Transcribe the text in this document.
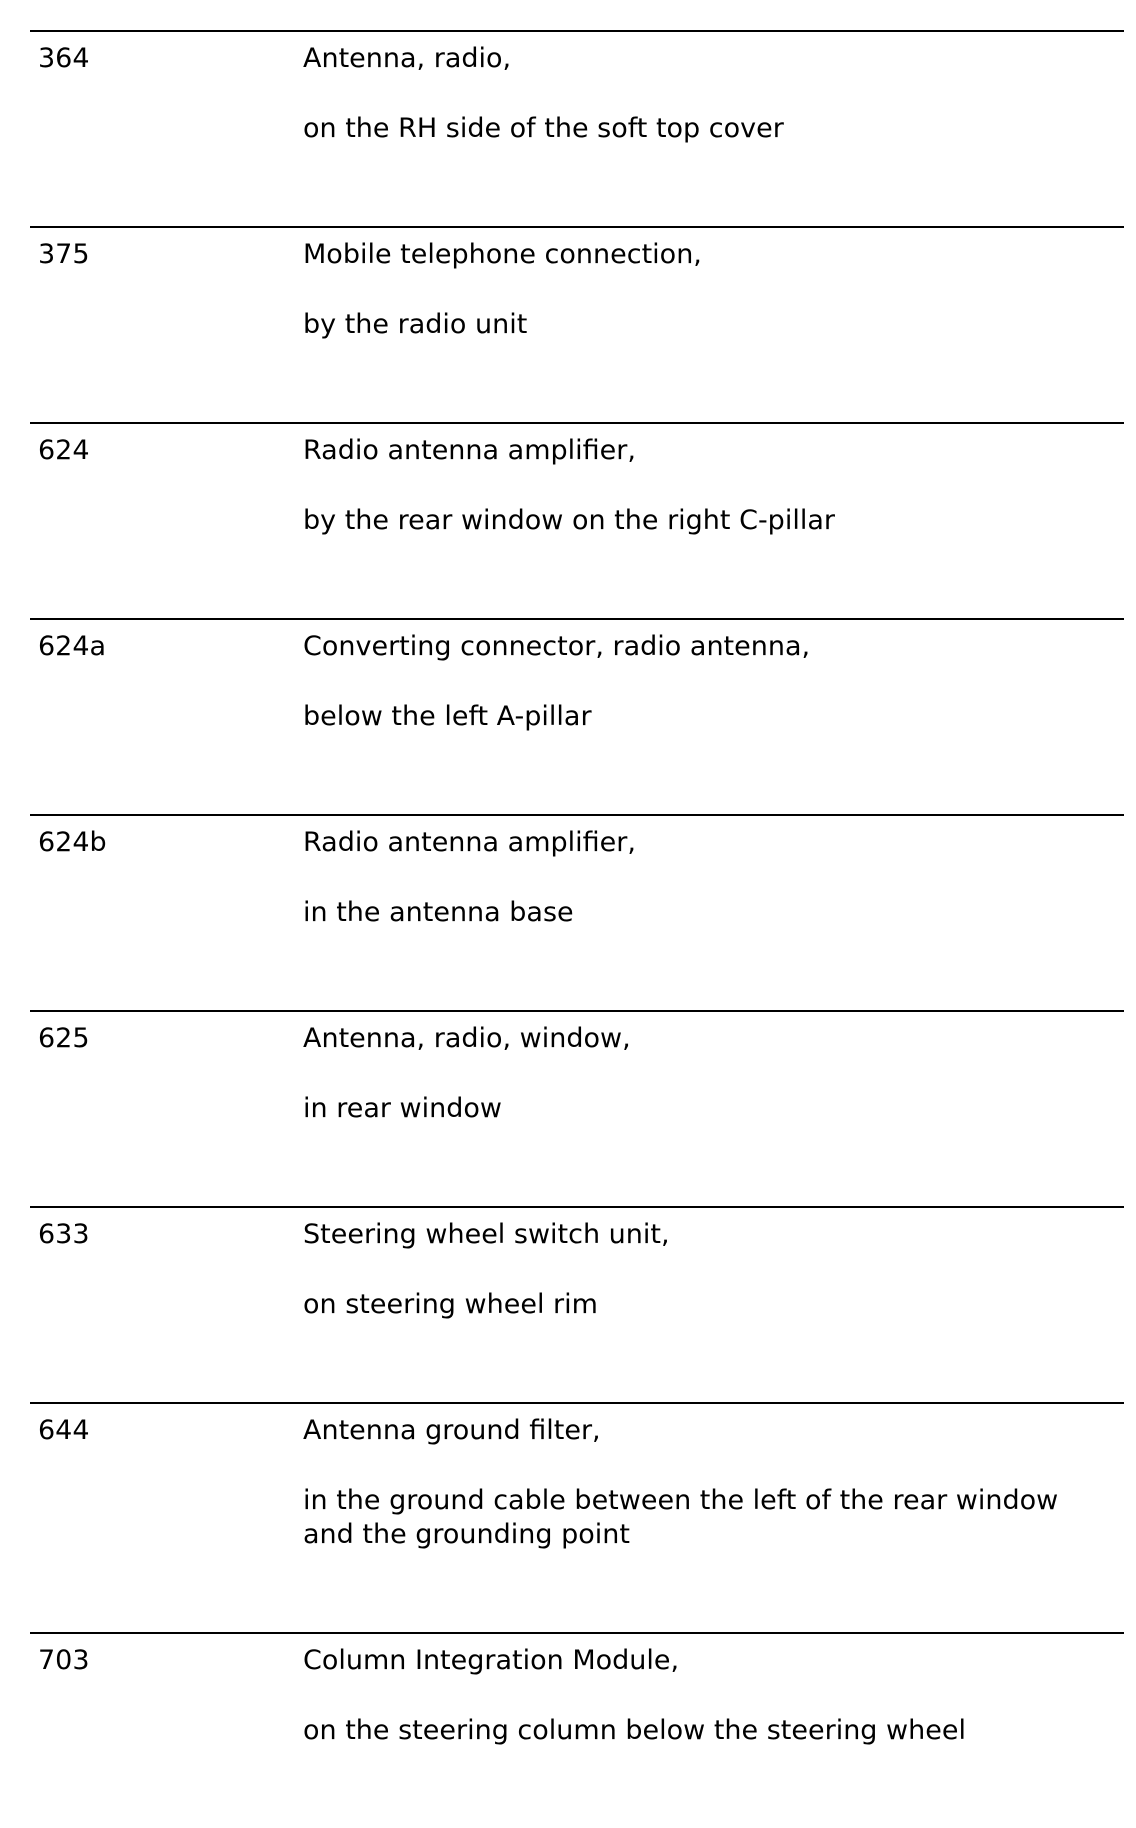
364	Antenna, radio,
on the RH side of the soft top cover
375	Mobile telephone connection,
by the radio unit
624	Radio antenna amplifier,
by the rear window on the right C-pillar
624a	Converting connector, radio antenna,
below the left A-pillar
624b	Radio antenna amplifier,
in the antenna base
625	Antenna, radio, window,
in rear window
633	Steering wheel switch unit,
on steering wheel rim
644	Antenna ground filter,
in the ground cable between the left of the rear window and the grounding point
703	Column Integration Module,
on the steering column below the steering wheel
